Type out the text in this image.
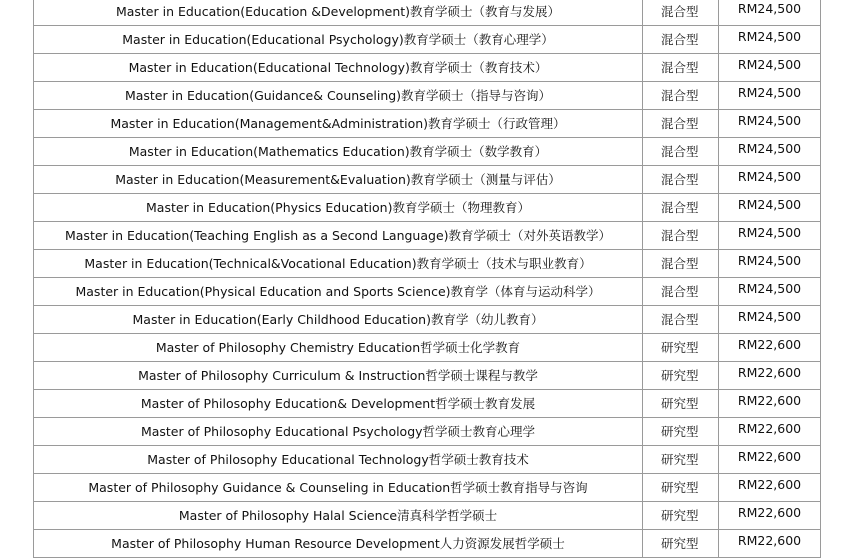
Master in Education(Education &Development)教育学硕士（教育与发展）	混合型	RM24,500
Master in Education(Educational Psychology)教育学硕士（教育心理学）	混合型	RM24,500
Master in Education(Educational Technology)教育学硕士（教育技术）	混合型	RM24,500
Master in Education(Guidance& Counseling)教育学硕士（指导与咨询）	混合型	RM24,500
Master in Education(Management&Administration)教育学硕士（行政管理）	混合型	RM24,500
Master in Education(Mathematics Education)教育学硕士（数学教育）	混合型	RM24,500
Master in Education(Measurement&Evaluation)教育学硕士（测量与评估）	混合型	RM24,500
Master in Education(Physics Education)教育学硕士（物理教育）	混合型	RM24,500
Master in Education(Teaching English as a Second Language)教育学硕士（对外英语教学）	混合型	RM24,500
Master in Education(Technical&Vocational Education)教育学硕士（技术与职业教育）	混合型	RM24,500
Master in Education(Physical Education and Sports Science)教育学（体育与运动科学）	混合型	RM24,500
Master in Education(Early Childhood Education)教育学（幼儿教育）	混合型	RM24,500
Master of Philosophy Chemistry Education哲学硕士化学教育	研究型	RM22,600
Master of Philosophy Curriculum & Instruction哲学硕士课程与教学	研究型	RM22,600
Master of Philosophy Education& Development哲学硕士教育发展	研究型	RM22,600
Master of Philosophy Educational Psychology哲学硕士教育心理学	研究型	RM22,600
Master of Philosophy Educational Technology哲学硕士教育技术	研究型	RM22,600
Master of Philosophy Guidance & Counseling in Education哲学硕士教育指导与咨询	研究型	RM22,600
Master of Philosophy Halal Science清真科学哲学硕士	研究型	RM22,600
Master of Philosophy Human Resource Development人力资源发展哲学硕士	研究型	RM22,600
